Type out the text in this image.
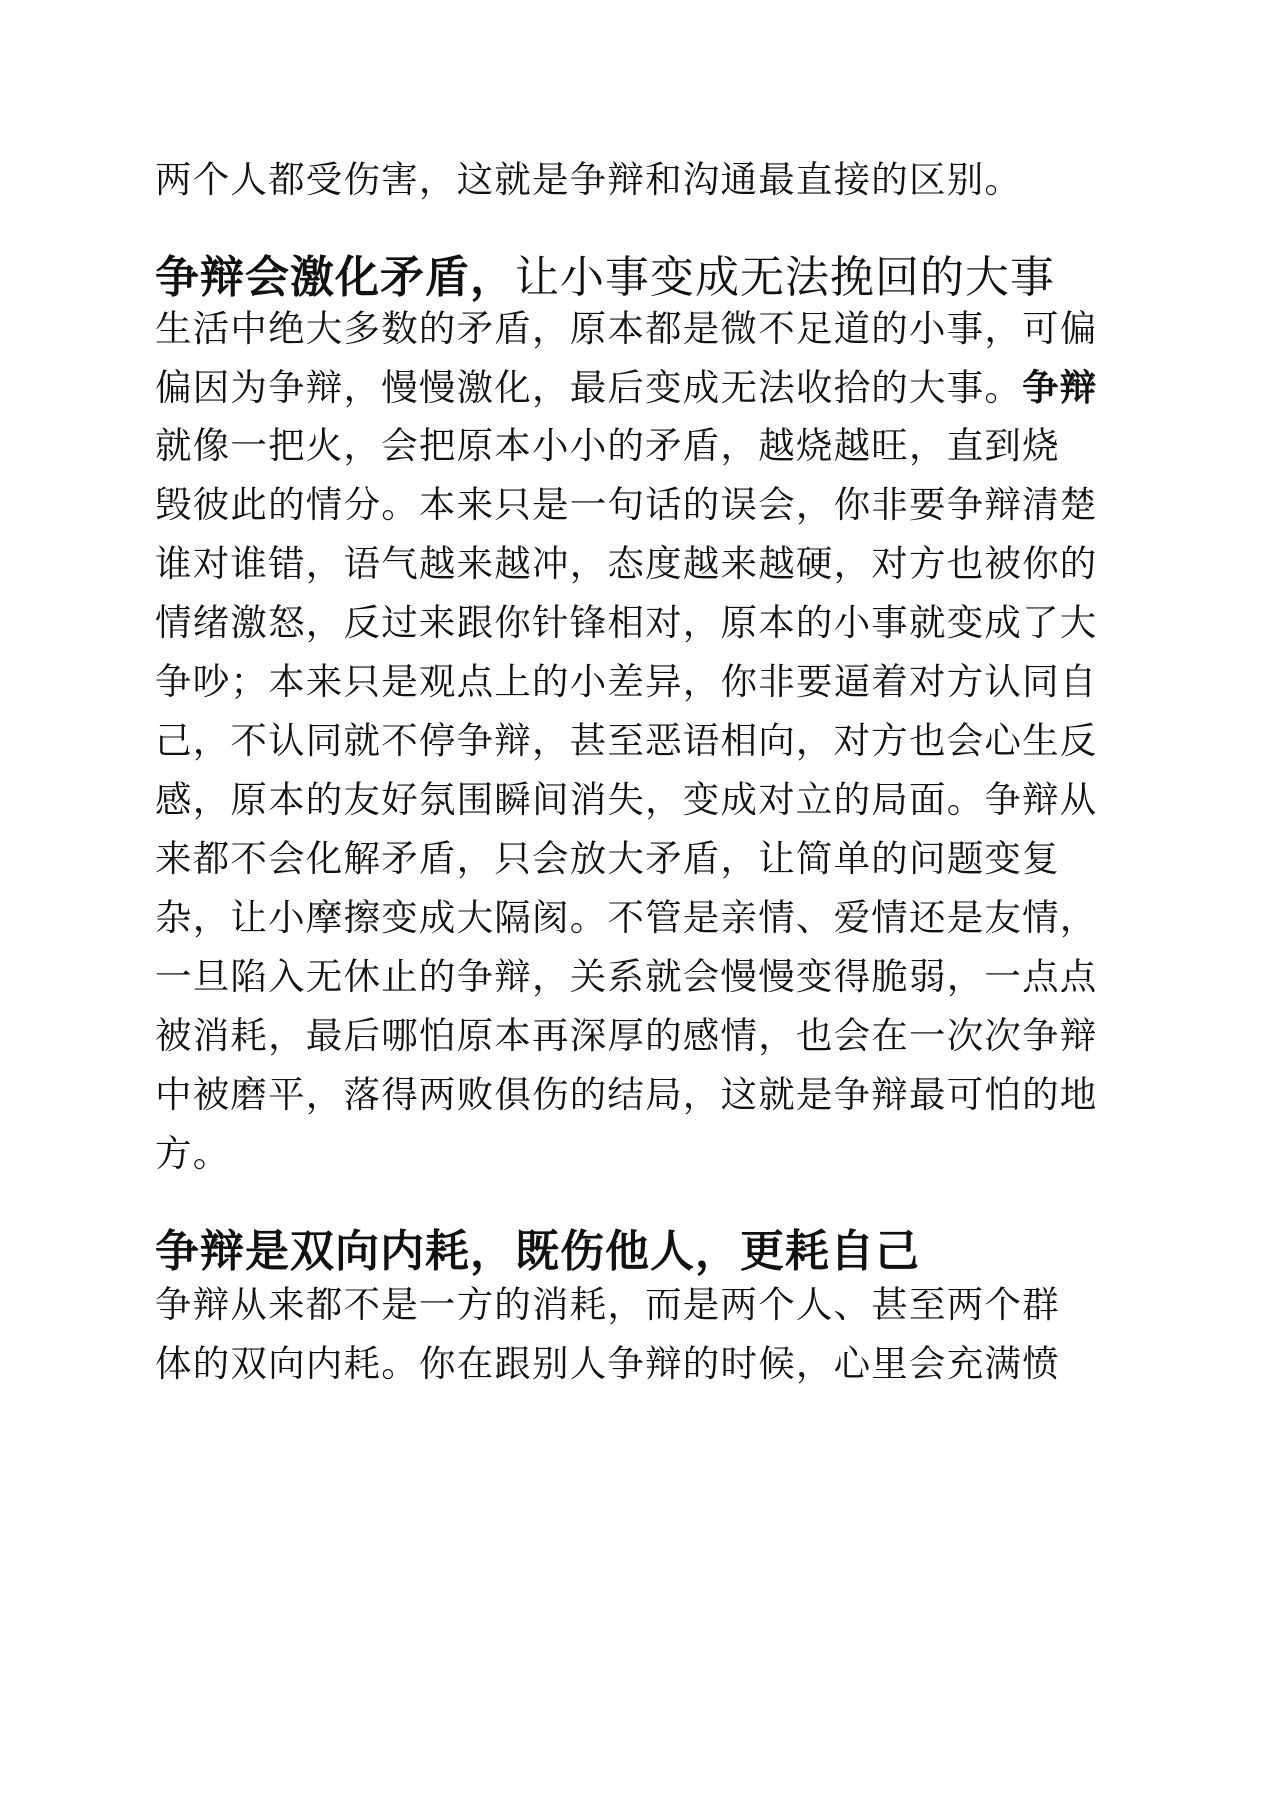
两个人都受伤害，这就是争辩和沟通最直接的区别。
争辩会激化矛盾，让小事变成无法挽回的大事
生活中绝大多数的矛盾，原本都是微不足道的小事，可偏
偏因为争辩，慢慢激化，最后变成无法收拾的大事。争辩
就像一把火，会把原本小小的矛盾，越烧越旺，直到烧
毁彼此的情分。本来只是一句话的误会，你非要争辩清楚
谁对谁错，语气越来越冲，态度越来越硬，对方也被你的
情绪激怒，反过来跟你针锋相对，原本的小事就变成了大
争吵；本来只是观点上的小差异，你非要逼着对方认同自
己，不认同就不停争辩，甚至恶语相向，对方也会心生反
感，原本的友好氛围瞬间消失，变成对立的局面。争辩从
来都不会化解矛盾，只会放大矛盾，让简单的问题变复
杂，让小摩擦变成大隔阂。不管是亲情、爱情还是友情，
一旦陷入无休止的争辩，关系就会慢慢变得脆弱，一点点
被消耗，最后哪怕原本再深厚的感情，也会在一次次争辩
中被磨平，落得两败俱伤的结局，这就是争辩最可怕的地
方。
争辩是双向内耗，既伤他人，更耗自己
争辩从来都不是一方的消耗，而是两个人、甚至两个群
体的双向内耗。你在跟别人争辩的时候，心里会充满愤
